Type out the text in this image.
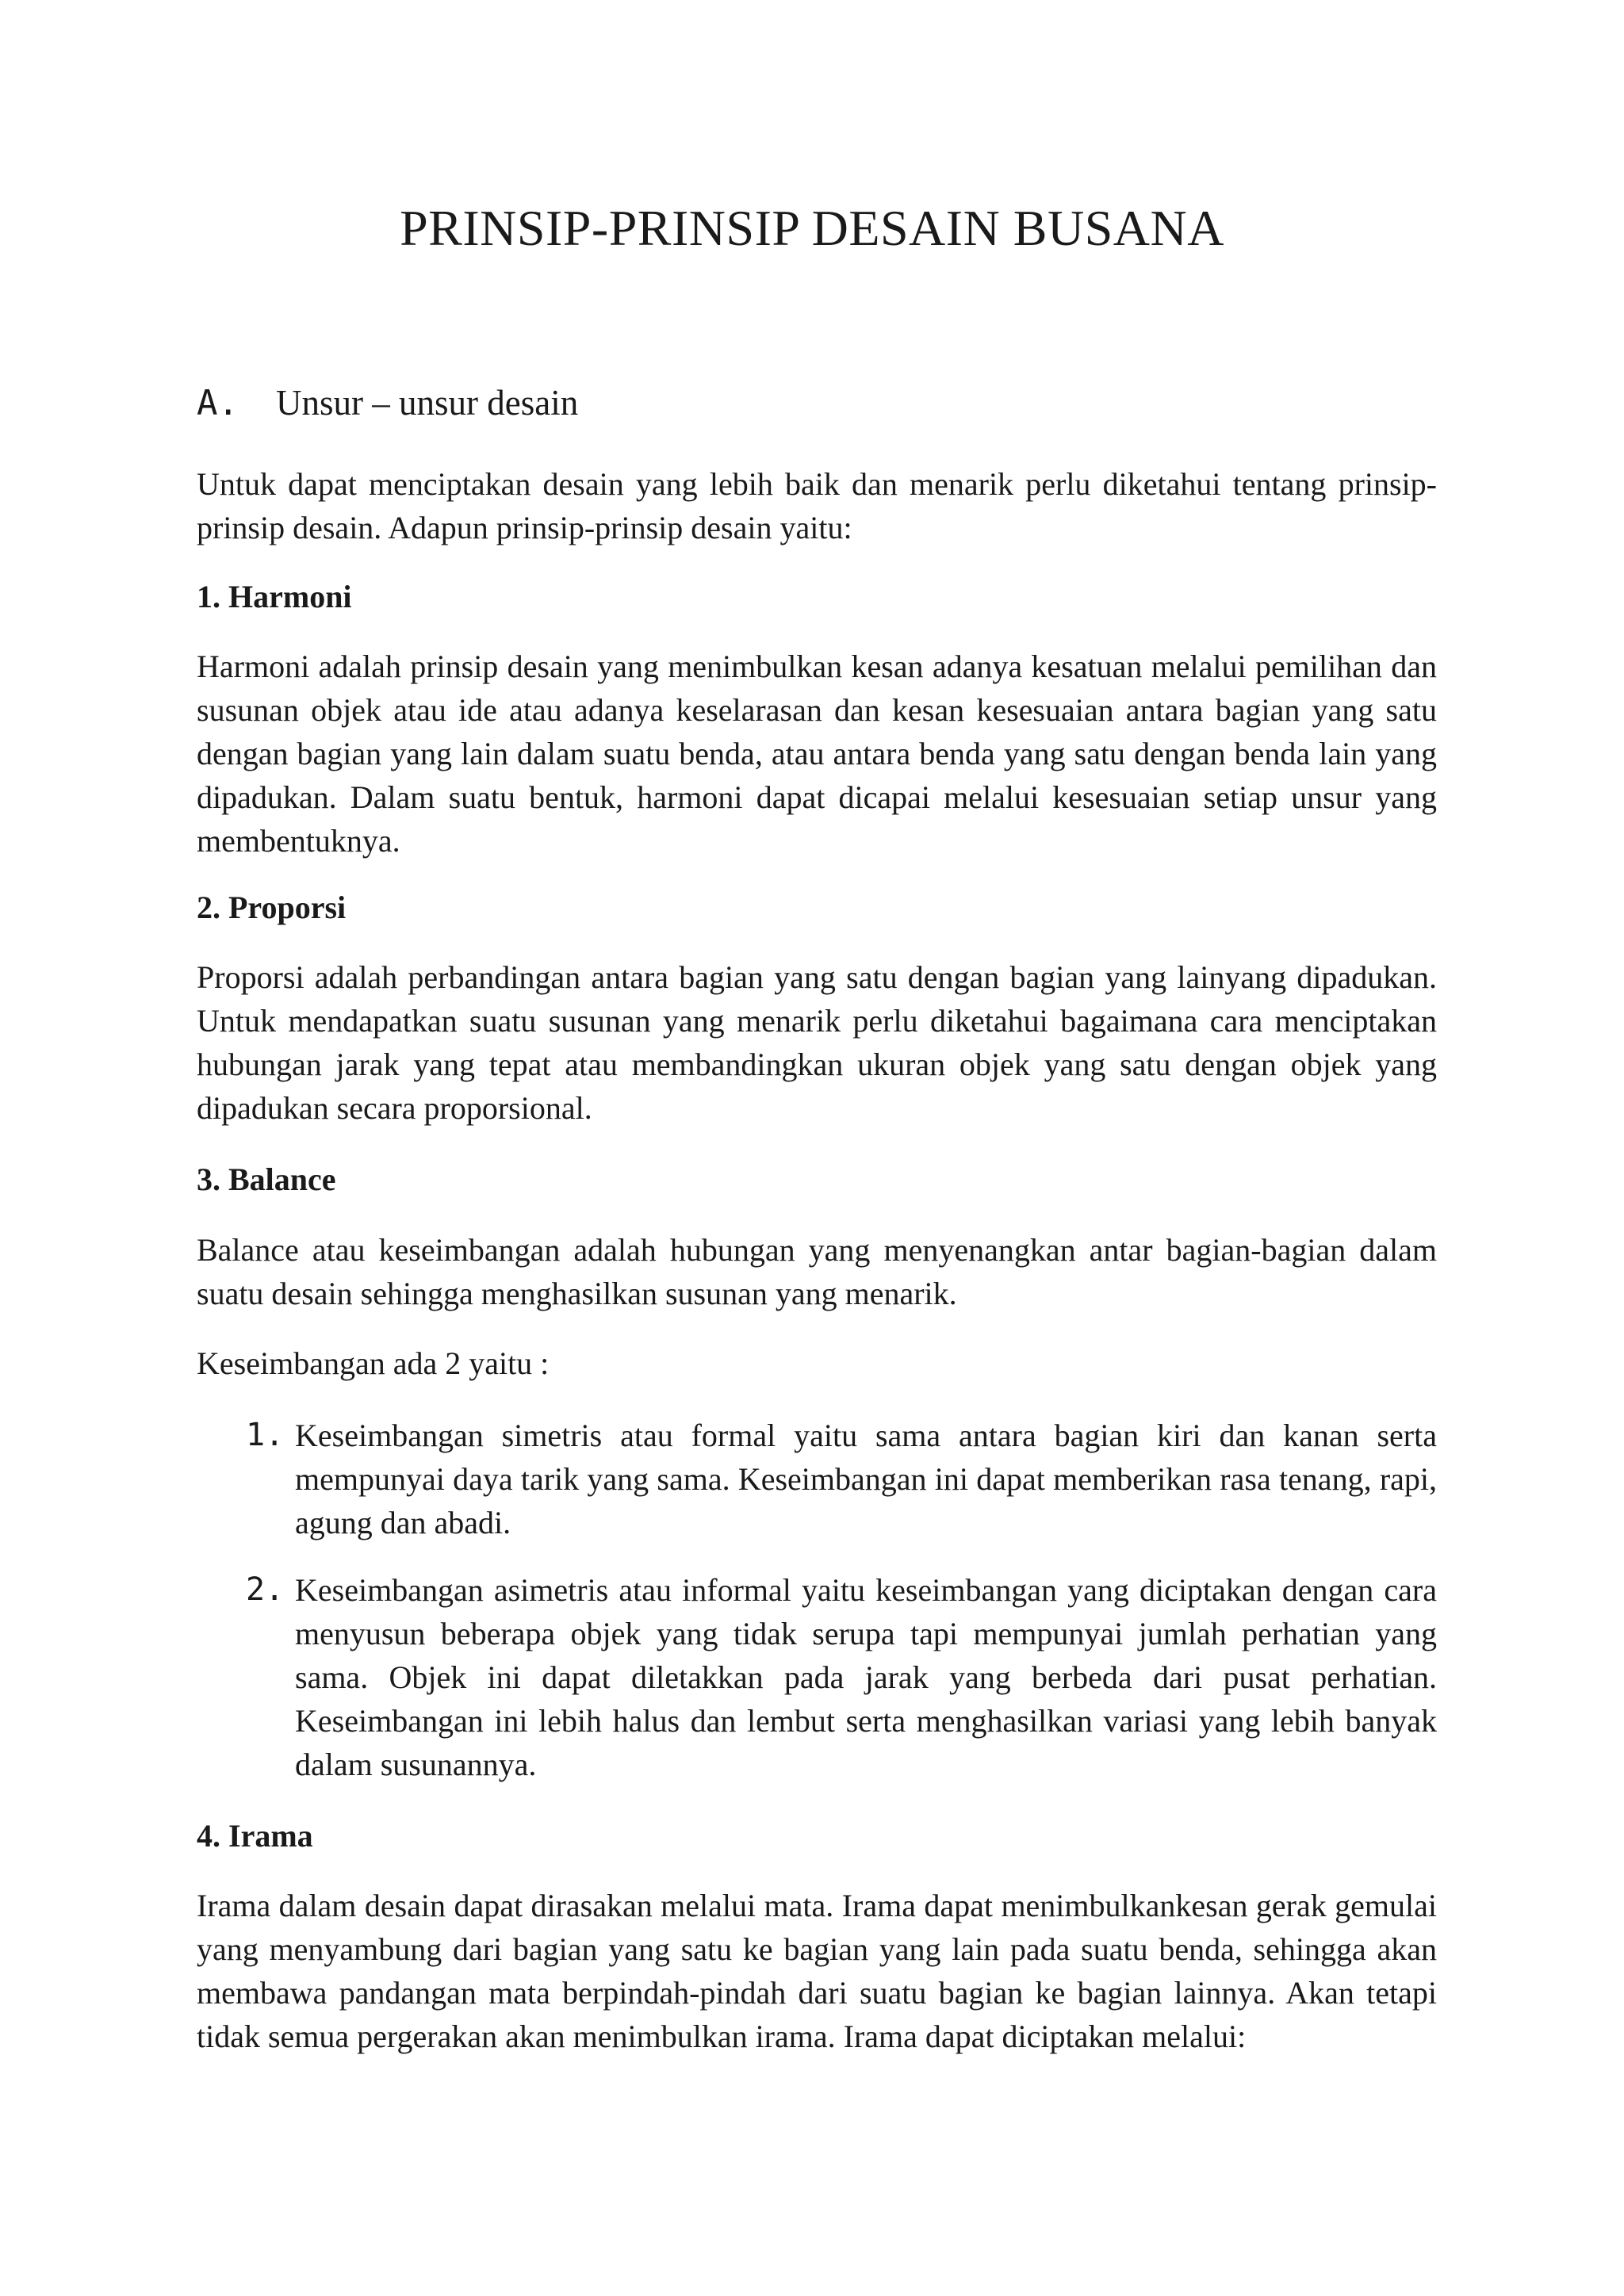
PRINSIP-PRINSIP DESAIN BUSANA
A. Unsur – unsur desain

Untuk dapat menciptakan desain yang lebih baik dan menarik perlu diketahui tentang prinsip-prinsip desain. Adapun prinsip-prinsip desain yaitu:

1. Harmoni

Harmoni adalah prinsip desain yang menimbulkan kesan adanya kesatuan melalui pemilihan dan susunan objek atau ide atau adanya keselarasan dan kesan kesesuaian antara bagian yang satu dengan bagian yang lain dalam suatu benda, atau antara benda yang satu dengan benda lain yang dipadukan. Dalam suatu bentuk, harmoni dapat dicapai melalui kesesuaian setiap unsur yang membentuknya.

2. Proporsi

Proporsi adalah perbandingan antara bagian yang satu dengan bagian yang lainyang dipadukan. Untuk mendapatkan suatu susunan yang menarik perlu diketahui bagaimana cara menciptakan hubungan jarak yang tepat atau membandingkan ukuran objek yang satu dengan objek yang dipadukan secara proporsional.

3. Balance

Balance atau keseimbangan adalah hubungan yang menyenangkan antar bagian-bagian dalam suatu desain sehingga menghasilkan susunan yang menarik.

Keseimbangan ada 2 yaitu :

1. Keseimbangan simetris atau formal yaitu sama antara bagian kiri dan kanan serta mempunyai daya tarik yang sama. Keseimbangan ini dapat memberikan rasa tenang, rapi, agung dan abadi.

2. Keseimbangan asimetris atau informal yaitu keseimbangan yang diciptakan dengan cara menyusun beberapa objek yang tidak serupa tapi mempunyai jumlah perhatian yang sama. Objek ini dapat diletakkan pada jarak yang berbeda dari pusat perhatian. Keseimbangan ini lebih halus dan lembut serta menghasilkan variasi yang lebih banyak dalam susunannya.

4. Irama

Irama dalam desain dapat dirasakan melalui mata. Irama dapat menimbulkankesan gerak gemulai yang menyambung dari bagian yang satu ke bagian yang lain pada suatu benda, sehingga akan membawa pandangan mata berpindah-pindah dari suatu bagian ke bagian lainnya. Akan tetapi tidak semua pergerakan akan menimbulkan irama. Irama dapat diciptakan melalui:
